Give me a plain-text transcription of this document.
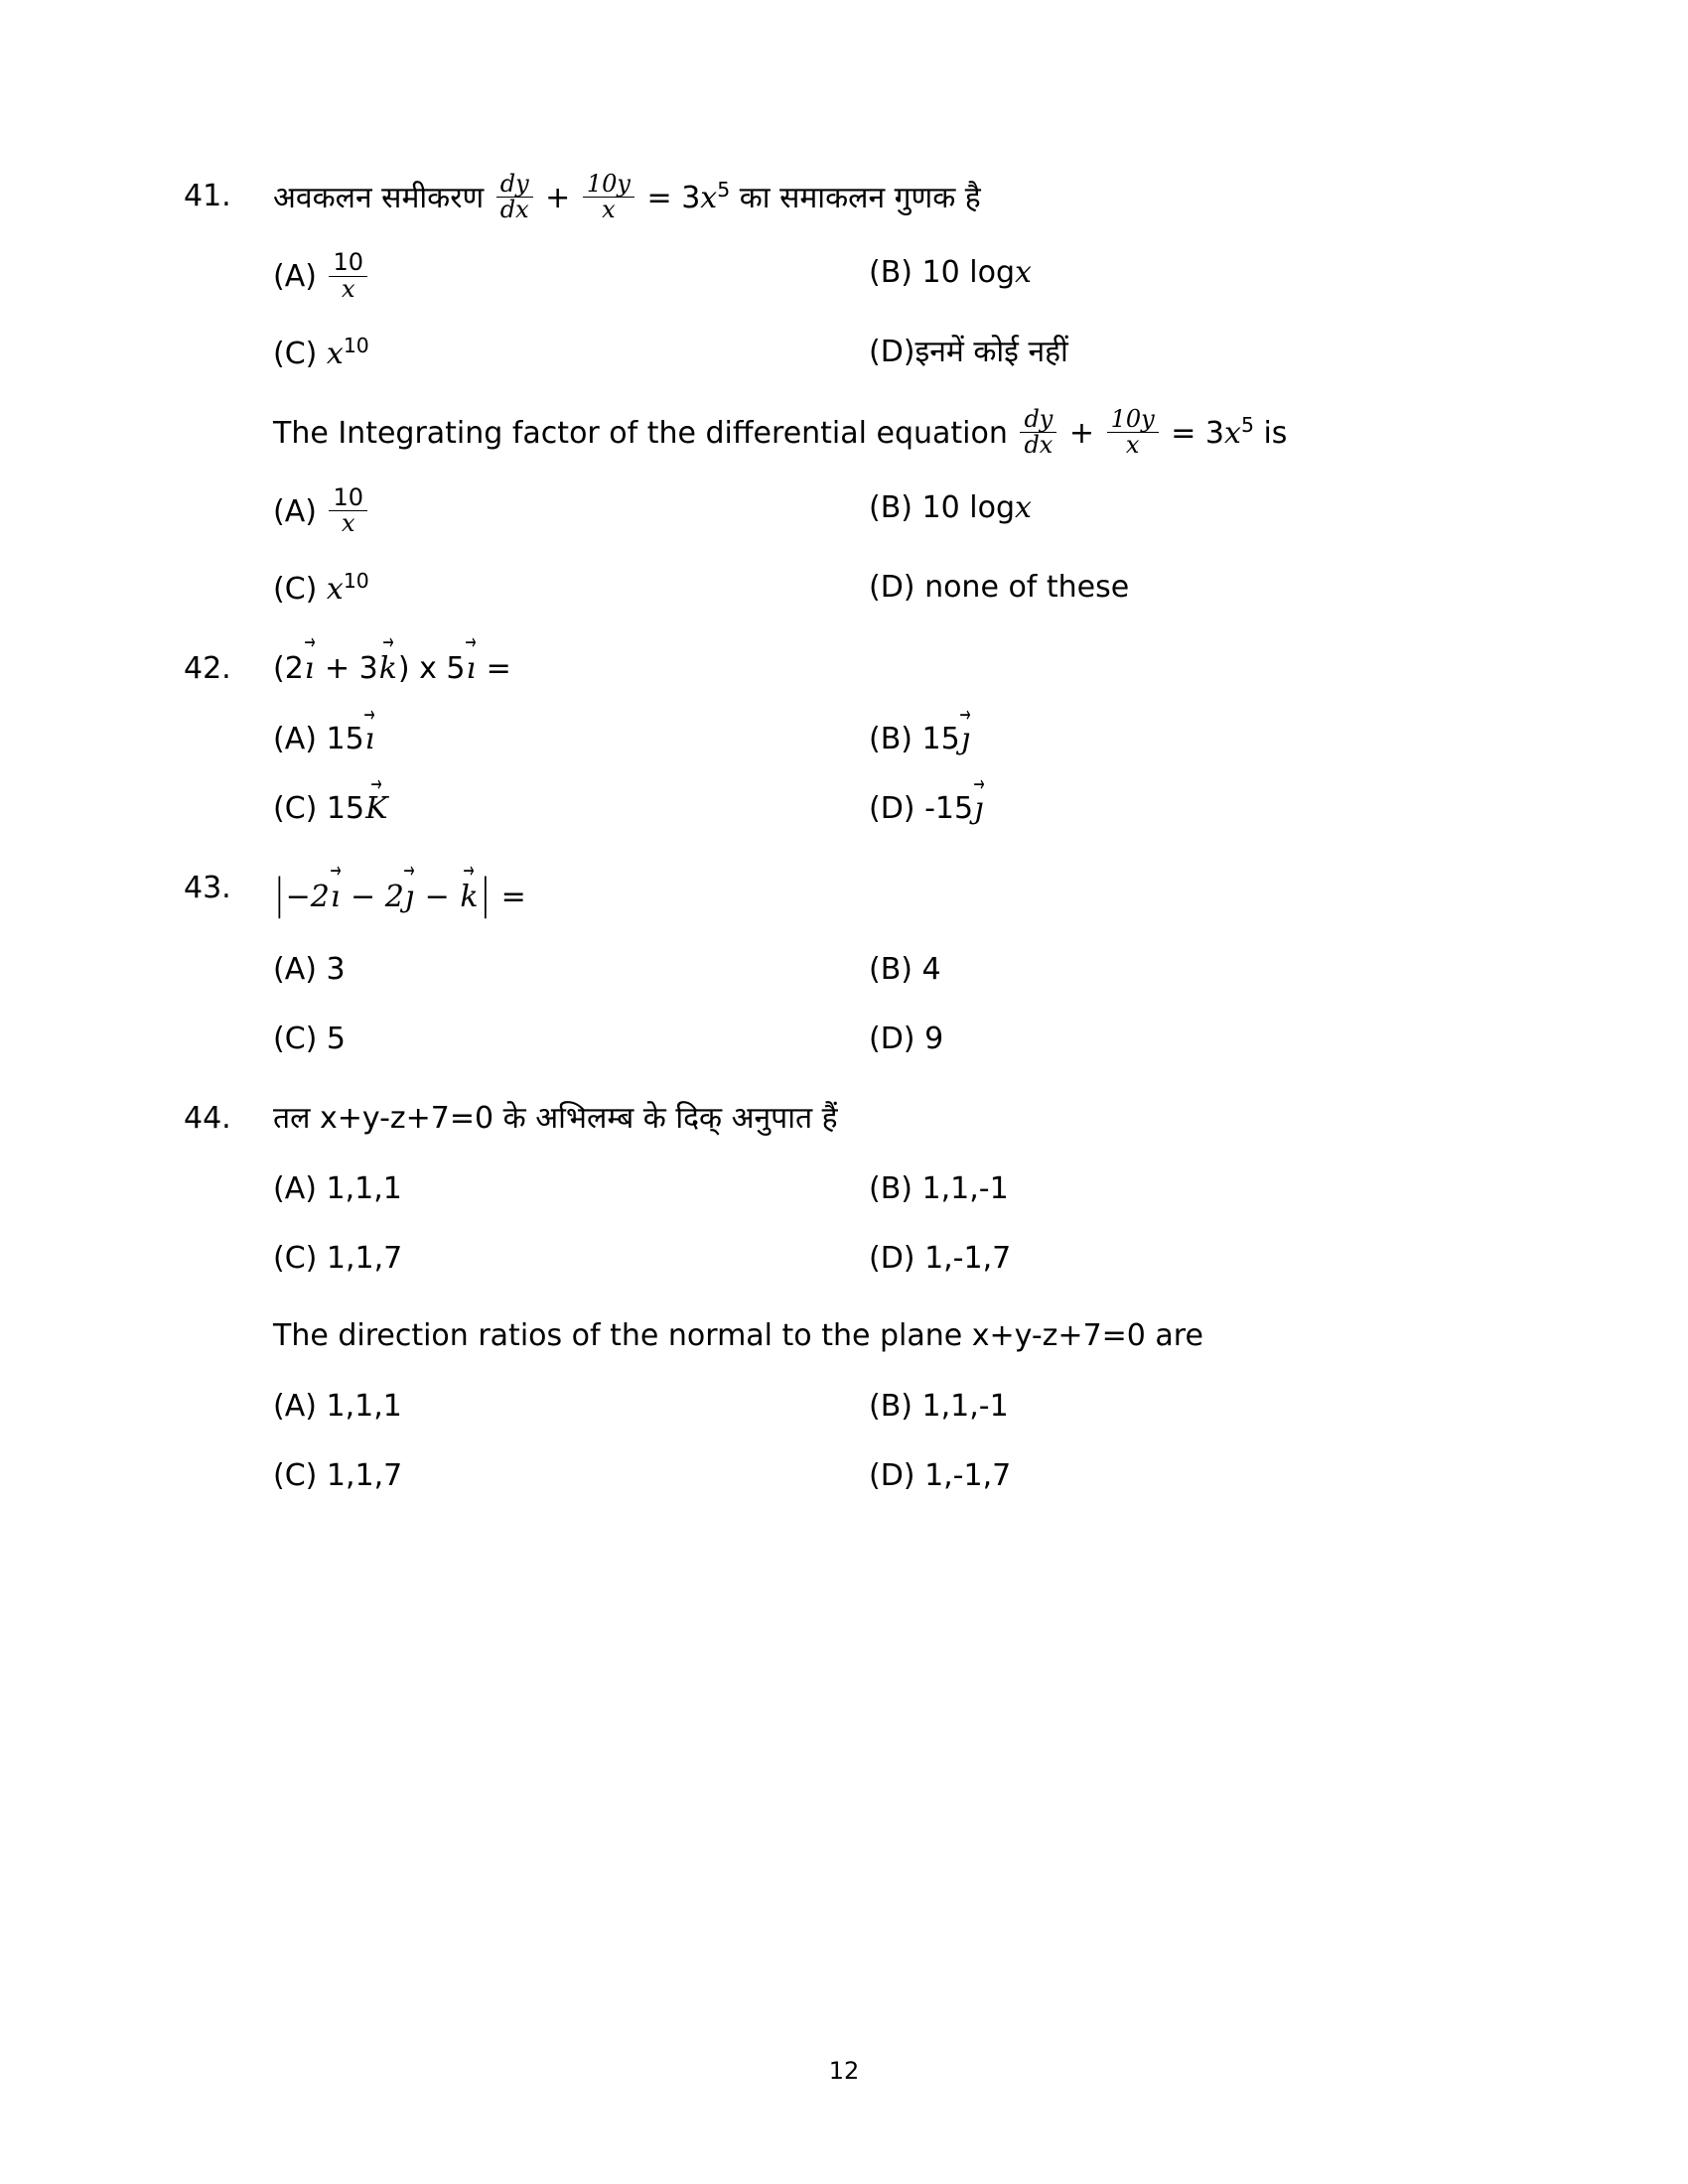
41.	अवकलन समीकरण $\frac{dy}{dx} + \frac{10y}{x} = 3x^5$ का समाकलन गुणक है
$(A) \frac{10}{x}$	(B) 10 logx
(C) $x^{10}$	(D)इनमें कोई नहीं
The Integrating factor of the differential equation $\frac{dy}{dx} + \frac{10y}{x} = 3x^5$ is
$(A) \frac{10}{x}$	(B) 10 logx
(C) $x^{10}$	(D) none of these
42.	(2ı → + 3k →) x 5ı → =
(A) 15ı →	(B) 15ȷ →
(C) 15K →	(D) -15ȷ →
43.	|−2ı → − 2ȷ → − k →| =
(A) 3	(B) 4
(C) 5	(D) 9
44.	तल x+y-z+7=0 के अभिलम्ब के दिक् अनुपात हैं
(A) 1,1,1	(B) 1,1,-1
(C) 1,1,7	(D) 1,-1,7
The direction ratios of the normal to the plane x+y-z+7=0 are
(A) 1,1,1	(B) 1,1,-1
(C) 1,1,7	(D) 1,-1,7
12
